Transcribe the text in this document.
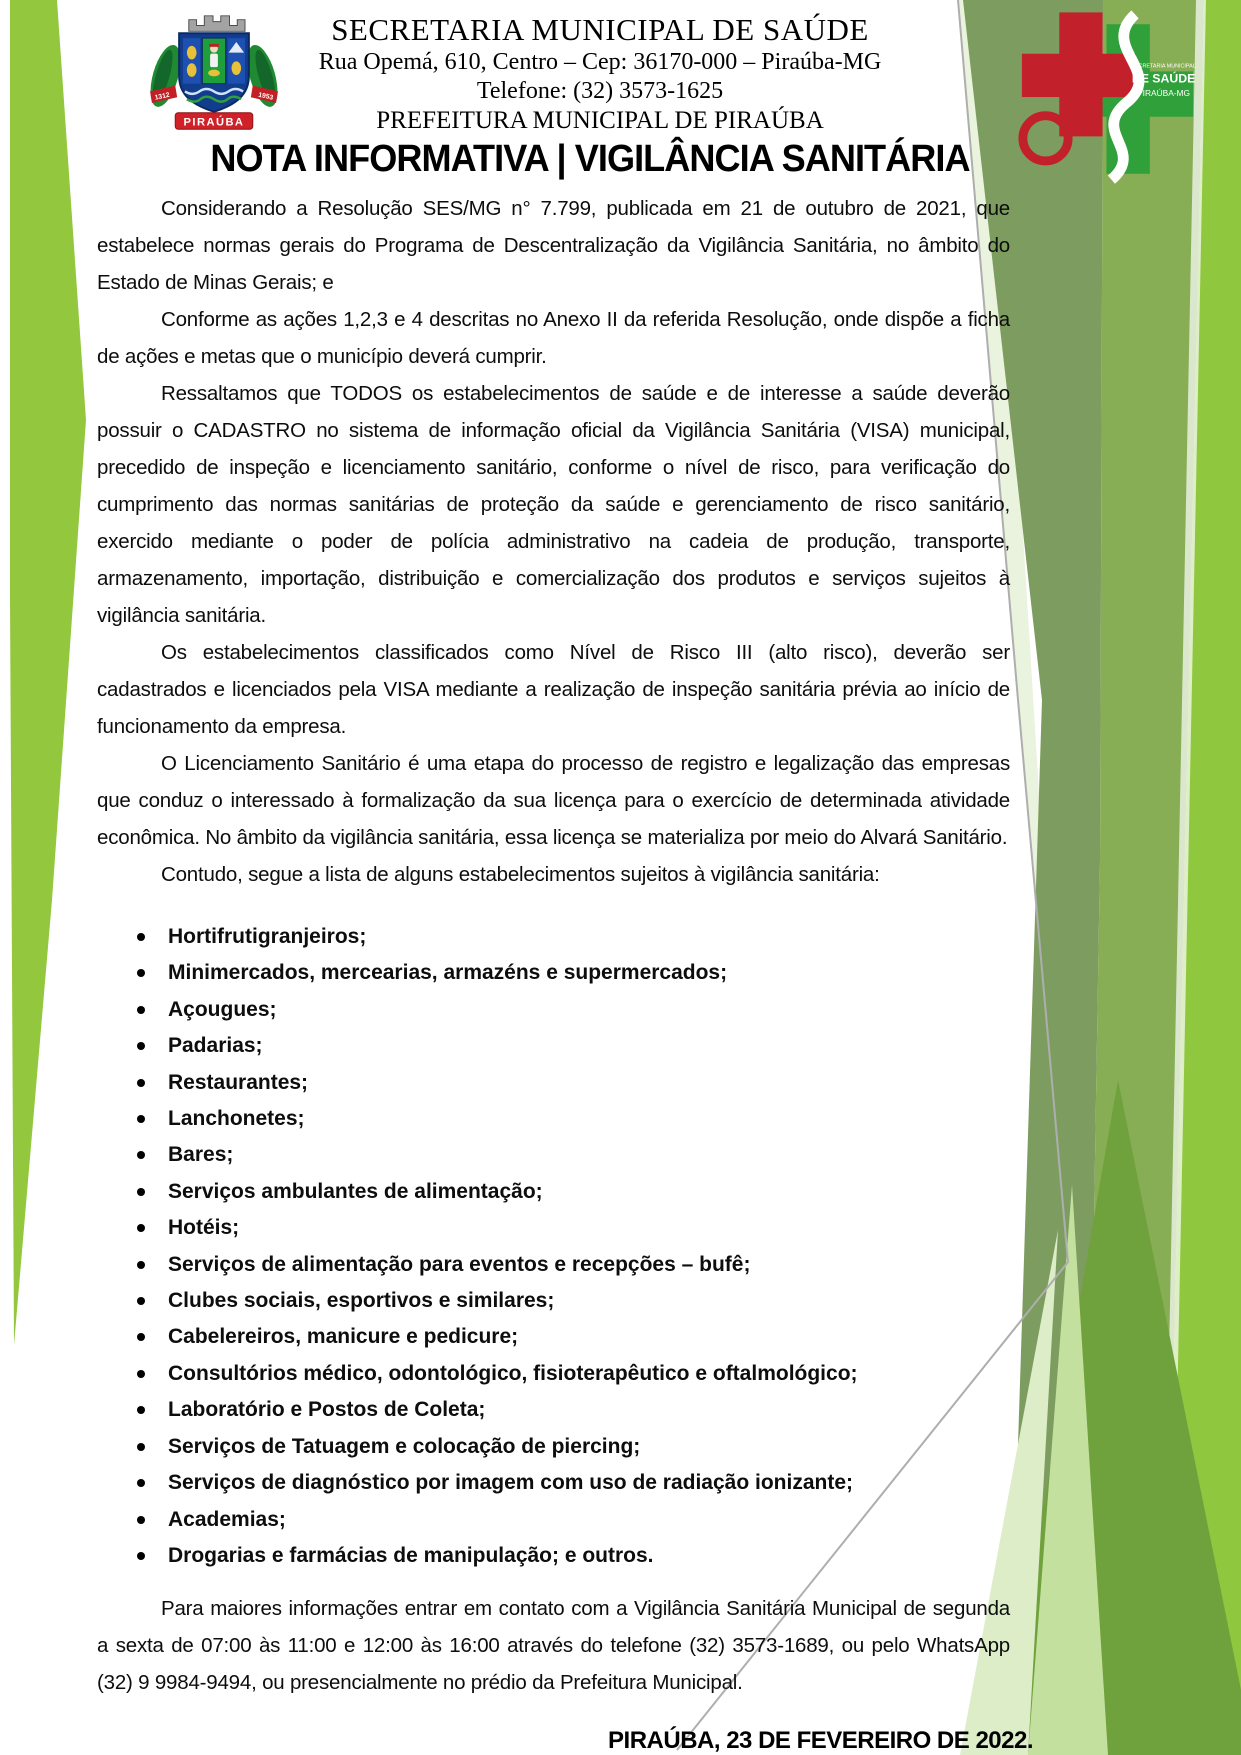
1312	1953
PIRAÚBA
SECRETARIA MUNICIPAL DE SAÚDE
Rua Opemá, 610, Centro – Cep: 36170-000 – Piraúba-MG
Telefone: (32) 3573-1625
PREFEITURA MUNICIPAL DE PIRAÚBA
SECRETARIA MUNICIPAL
DE SAÚDE
PIRAÚBA-MG
NOTA INFORMATIVA | VIGILÂNCIA SANITÁRIA

Considerando a Resolução SES/MG n° 7.799, publicada em 21 de outubro de 2021, que estabelece normas gerais do Programa de Descentralização da Vigilância Sanitária, no âmbito do Estado de Minas Gerais; e

Conforme as ações 1,2,3 e 4 descritas no Anexo II da referida Resolução, onde dispõe a ficha de ações e metas que o município deverá cumprir.

Ressaltamos que TODOS os estabelecimentos de saúde e de interesse a saúde deverão possuir o CADASTRO no sistema de informação oficial da Vigilância Sanitária (VISA) municipal, precedido de inspeção e licenciamento sanitário, conforme o nível de risco, para verificação do cumprimento das normas sanitárias de proteção da saúde e gerenciamento de risco sanitário, exercido mediante o poder de polícia administrativo na cadeia de produção, transporte, armazenamento, importação, distribuição e comercialização dos produtos e serviços sujeitos à vigilância sanitária.

Os estabelecimentos classificados como Nível de Risco III (alto risco), deverão ser cadastrados e licenciados pela VISA mediante a realização de inspeção sanitária prévia ao início de funcionamento da empresa.

O Licenciamento Sanitário é uma etapa do processo de registro e legalização das empresas que conduz o interessado à formalização da sua licença para o exercício de determinada atividade econômica. No âmbito da vigilância sanitária, essa licença se materializa por meio do Alvará Sanitário.

Contudo, segue a lista de alguns estabelecimentos sujeitos à vigilância sanitária:

Hortifrutigranjeiros;
Minimercados, mercearias, armazéns e supermercados;
Açougues;
Padarias;
Restaurantes;
Lanchonetes;
Bares;
Serviços ambulantes de alimentação;
Hotéis;
Serviços de alimentação para eventos e recepções – bufê;
Clubes sociais, esportivos e similares;
Cabelereiros, manicure e pedicure;
Consultórios médico, odontológico, fisioterapêutico e oftalmológico;
Laboratório e Postos de Coleta;
Serviços de Tatuagem e colocação de piercing;
Serviços de diagnóstico por imagem com uso de radiação ionizante;
Academias;
Drogarias e farmácias de manipulação; e outros.

Para maiores informações entrar em contato com a Vigilância Sanitária Municipal de segunda a sexta de 07:00 às 11:00 e 12:00 às 16:00 através do telefone (32) 3573-1689, ou pelo WhatsApp (32) 9 9984-9494, ou presencialmente no prédio da Prefeitura Municipal.

PIRAÚBA, 23 DE FEVEREIRO DE 2022.
